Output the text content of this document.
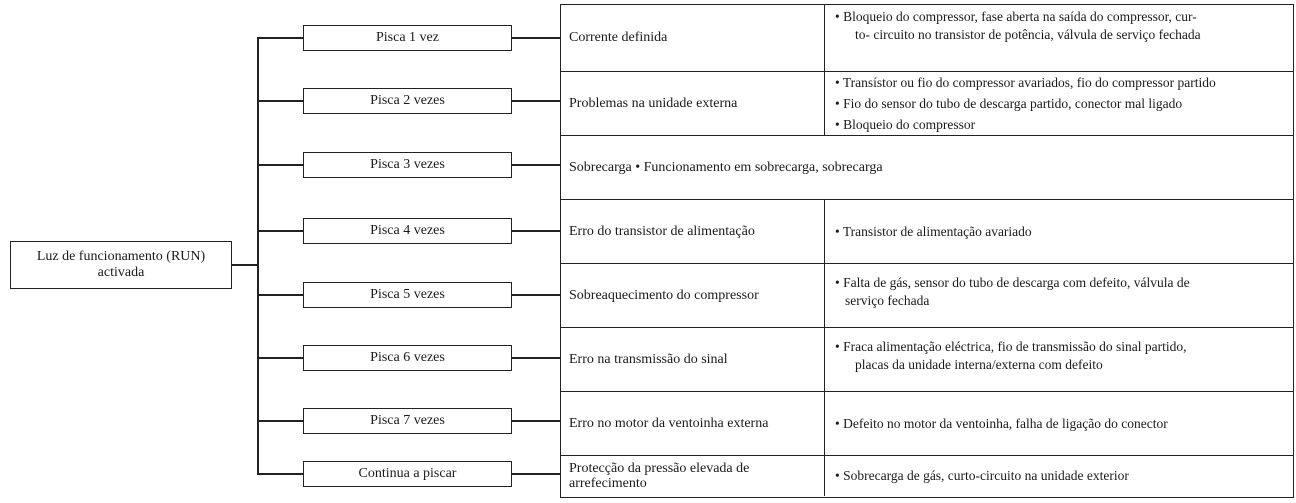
Luz de funcionamento (RUN) activada
Pisca 1 vez
Pisca 2 vezes
Pisca 3 vezes
Pisca 4 vezes
Pisca 5 vezes
Pisca 6 vezes
Pisca 7 vezes
Continua a piscar
Corrente definida
• Bloqueio do compressor, fase aberta na saída do compressor, cur-
to- circuito no transistor de potência, válvula de serviço fechada
Problemas na unidade externa
• Transístor ou fio do compressor avariados, fio do compressor partido
• Fio do sensor do tubo de descarga partido, conector mal ligado
• Bloqueio do compressor
Sobrecarga • Funcionamento em sobrecarga, sobrecarga
Erro do transistor de alimentação	• Transistor de alimentação avariado
Sobreaquecimento do compressor
• Falta de gás, sensor do tubo de descarga com defeito, válvula de
serviço fechada
Erro na transmissão do sinal
• Fraca alimentação eléctrica, fio de transmissão do sinal partido,
placas da unidade interna/externa com defeito
Erro no motor da ventoinha externa	• Defeito no motor da ventoinha, falha de ligação do conector
Protecção da pressão elevada de arrefecimento
• Sobrecarga de gás, curto-circuito na unidade exterior
